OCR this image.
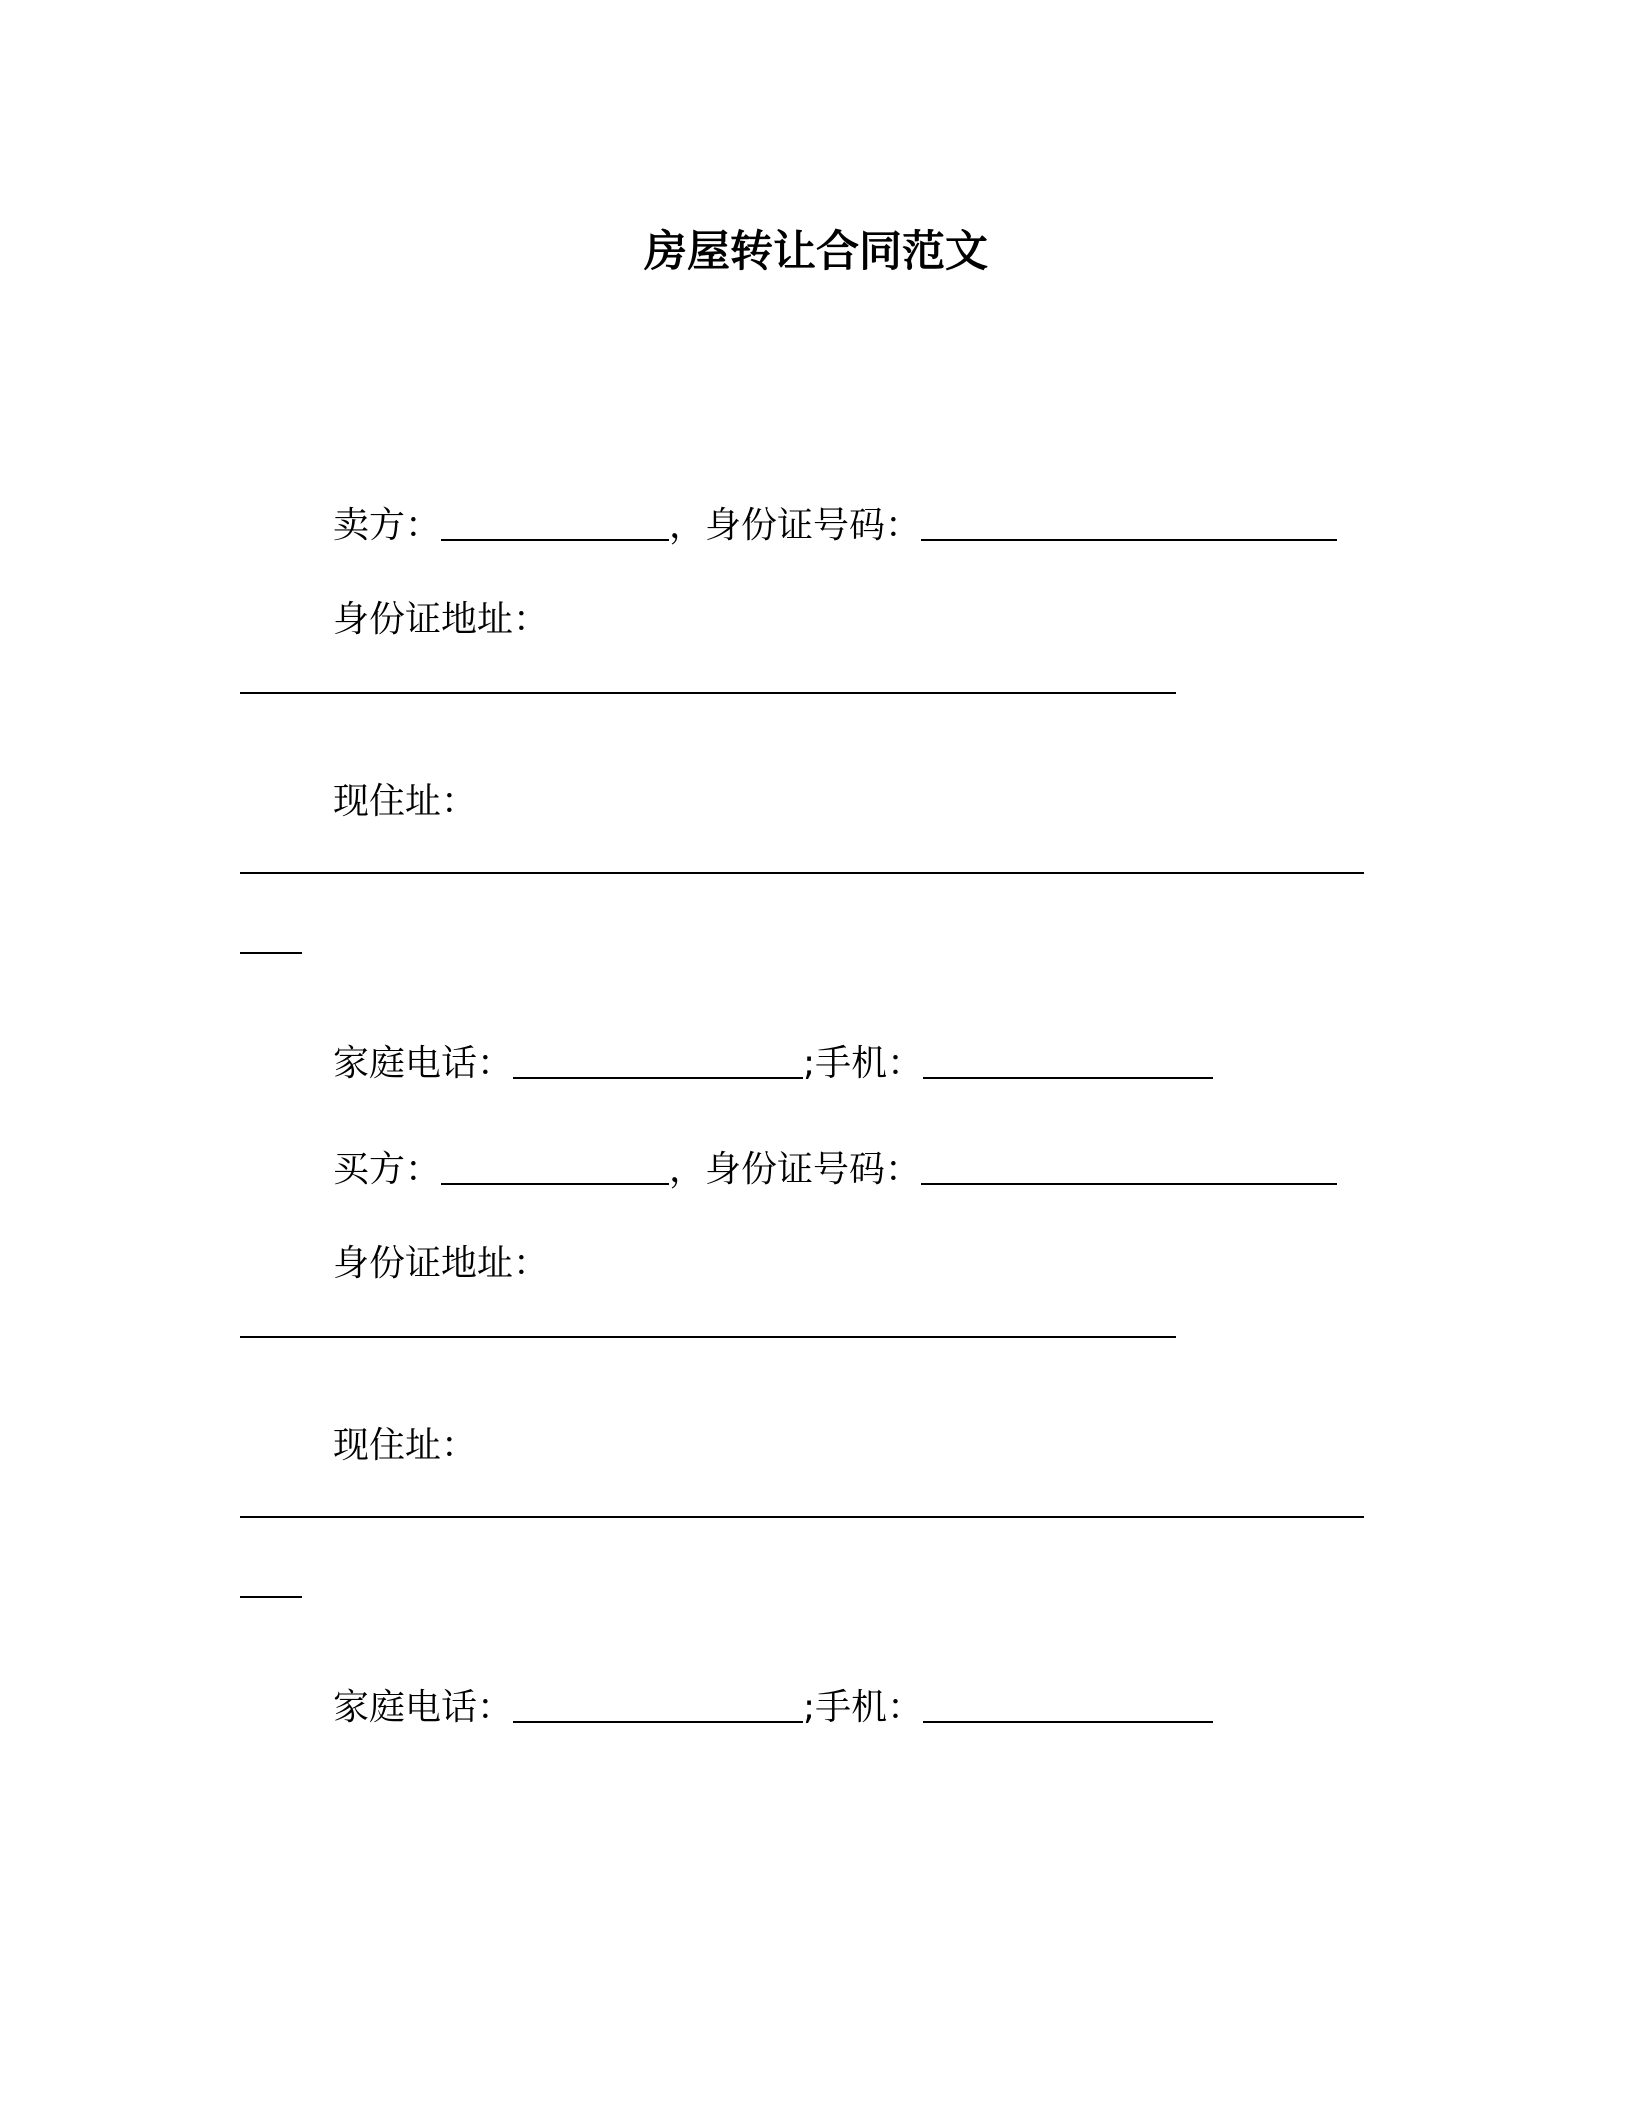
房屋转让合同范文
卖方：	，身份证号码：
身份证地址：
现住址：
家庭电话：	;手机：
买方：	，身份证号码：
身份证地址：
现住址：
家庭电话：	;手机：
